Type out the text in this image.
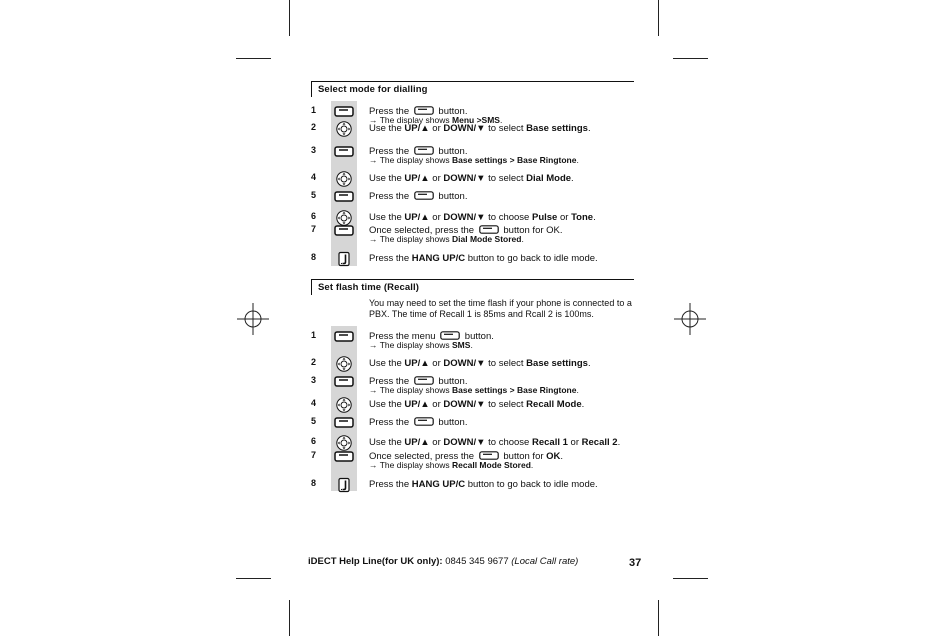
Select mode for dialling
1	Press the	button.
→ The display shows Menu >SMS.
2	Use the UP/▲ or DOWN/▼ to select Base settings.
3	Press the	button.
→ The display shows Base settings > Base Ringtone.
4	Use the UP/▲ or DOWN/▼ to select Dial Mode.
5	Press the	button.
6	Use the UP/▲ or DOWN/▼ to choose Pulse or Tone.
7	Once selected, press the	button for OK.
→ The display shows Dial Mode Stored.
8	Press the HANG UP/C button to go back to idle mode.
Set flash time (Recall)
You may need to set the time flash if your phone is connected to a PBX. The time of Recall 1 is 85ms and Rcall 2 is 100ms.
1	Press the menu	button.
→ The display shows SMS.
2	Use the UP/▲ or DOWN/▼ to select Base settings.
3	Press the	button.
→ The display shows Base settings > Base Ringtone.
4	Use the UP/▲ or DOWN/▼ to select Recall Mode.
5	Press the	button.
6	Use the UP/▲ or DOWN/▼ to choose Recall 1 or Recall 2.
7	Once selected, press the	button for OK.
→ The display shows Recall Mode Stored.
8	Press the HANG UP/C button to go back to idle mode.
iDECT Help Line(for UK only): 0845 345 9677 (Local Call rate)	37
